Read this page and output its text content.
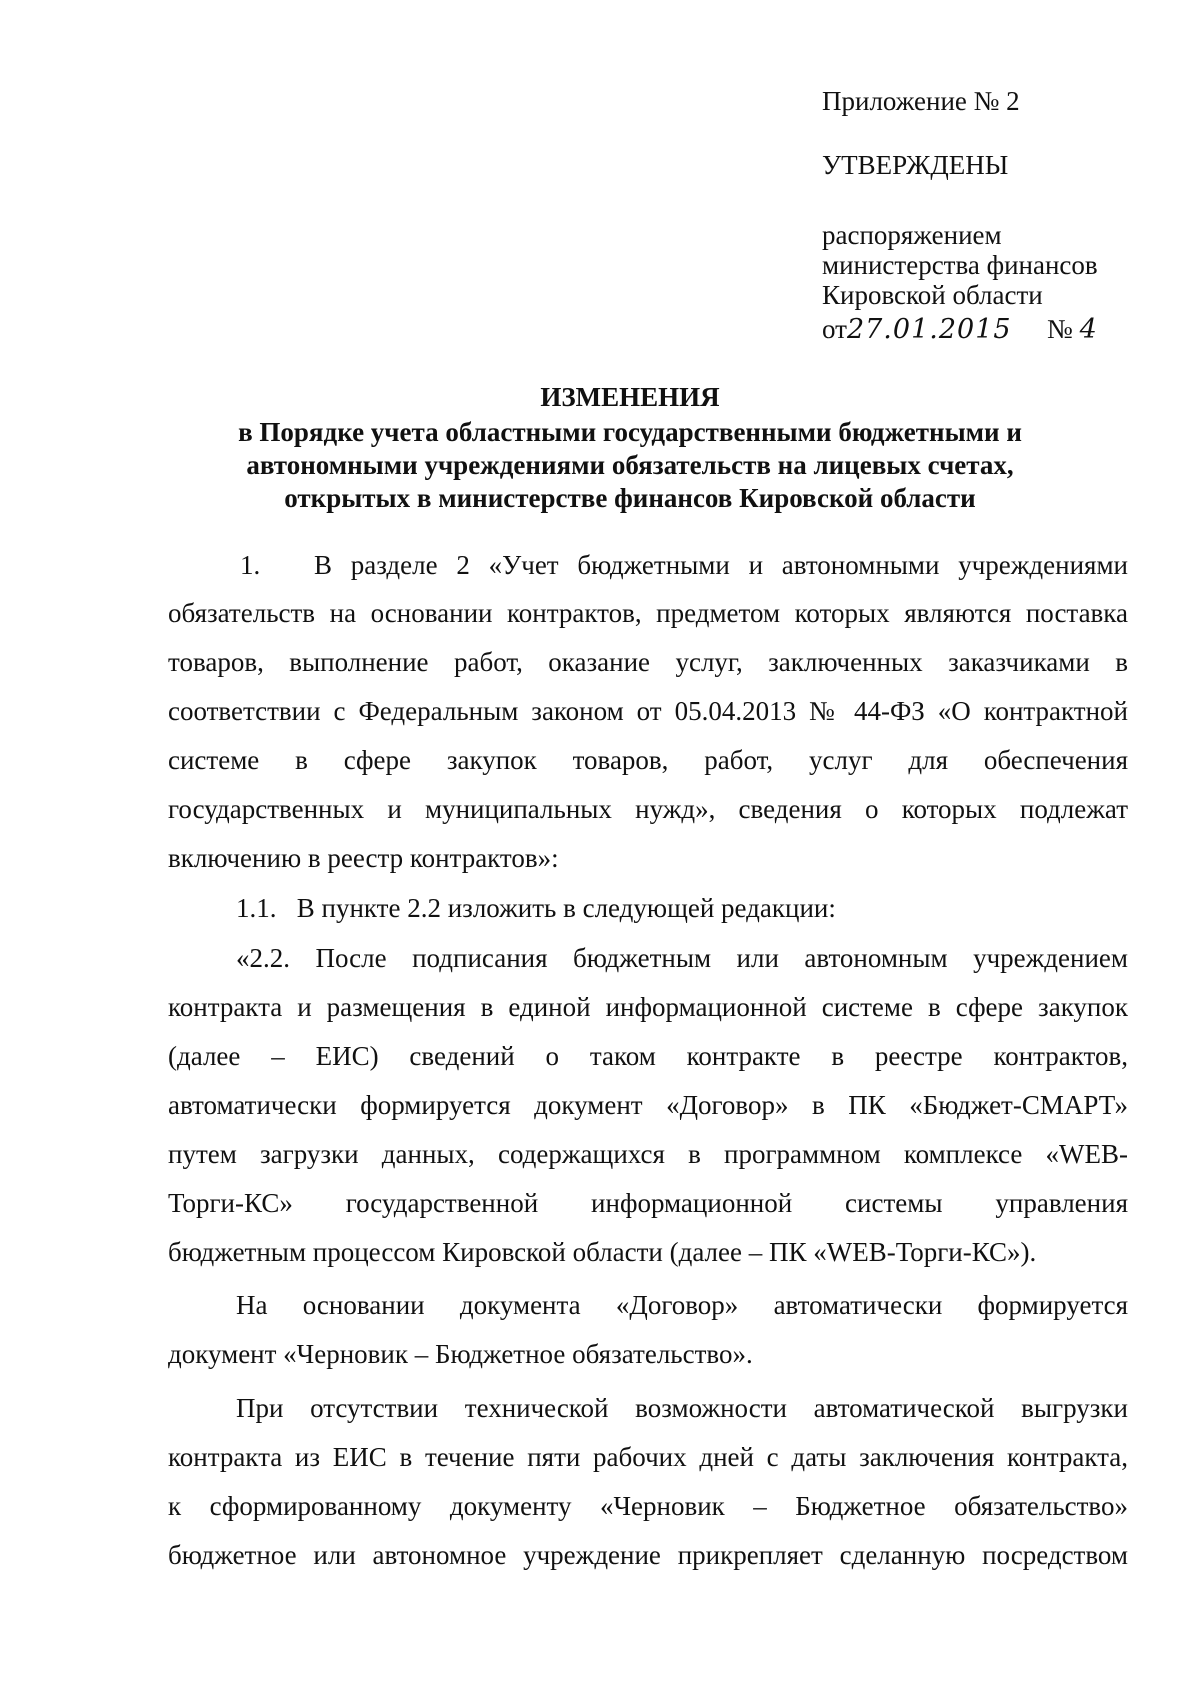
Приложение № 2
УТВЕРЖДЕНЫ
распоряжением
министерства финансов
Кировской области
от27.01.2015 № 4
ИЗМЕНЕНИЯ
в Порядке учета областными государственными бюджетными и
автономными учреждениями обязательств на лицевых счетах,
открытых в министерстве финансов Кировской области
1. В разделе 2 «Учет бюджетными и автономными учреждениями
обязательств на основании контрактов, предметом которых являются поставка
товаров, выполнение работ, оказание услуг, заключенных заказчиками в
соответствии с Федеральным законом от 05.04.2013 № 44-ФЗ «О контрактной
системе в сфере закупок товаров, работ, услуг для обеспечения
государственных и муниципальных нужд», сведения о которых подлежат
включению в реестр контрактов»:
1.1.   В пункте 2.2 изложить в следующей редакции:
«2.2. После подписания бюджетным или автономным учреждением
контракта и размещения в единой информационной системе в сфере закупок
(далее – ЕИС) сведений о таком контракте в реестре контрактов,
автоматически формируется документ «Договор» в ПК «Бюджет-СМАРТ»
путем загрузки данных, содержащихся в программном комплексе «WEB-
Торги-КС» государственной информационной системы управления
бюджетным процессом Кировской области (далее – ПК «WEB-Торги-КС»).
На основании документа «Договор» автоматически формируется
документ «Черновик – Бюджетное обязательство».
При отсутствии технической возможности автоматической выгрузки
контракта из ЕИС в течение пяти рабочих дней с даты заключения контракта,
к сформированному документу «Черновик – Бюджетное обязательство»
бюджетное или автономное учреждение прикрепляет сделанную посредством
